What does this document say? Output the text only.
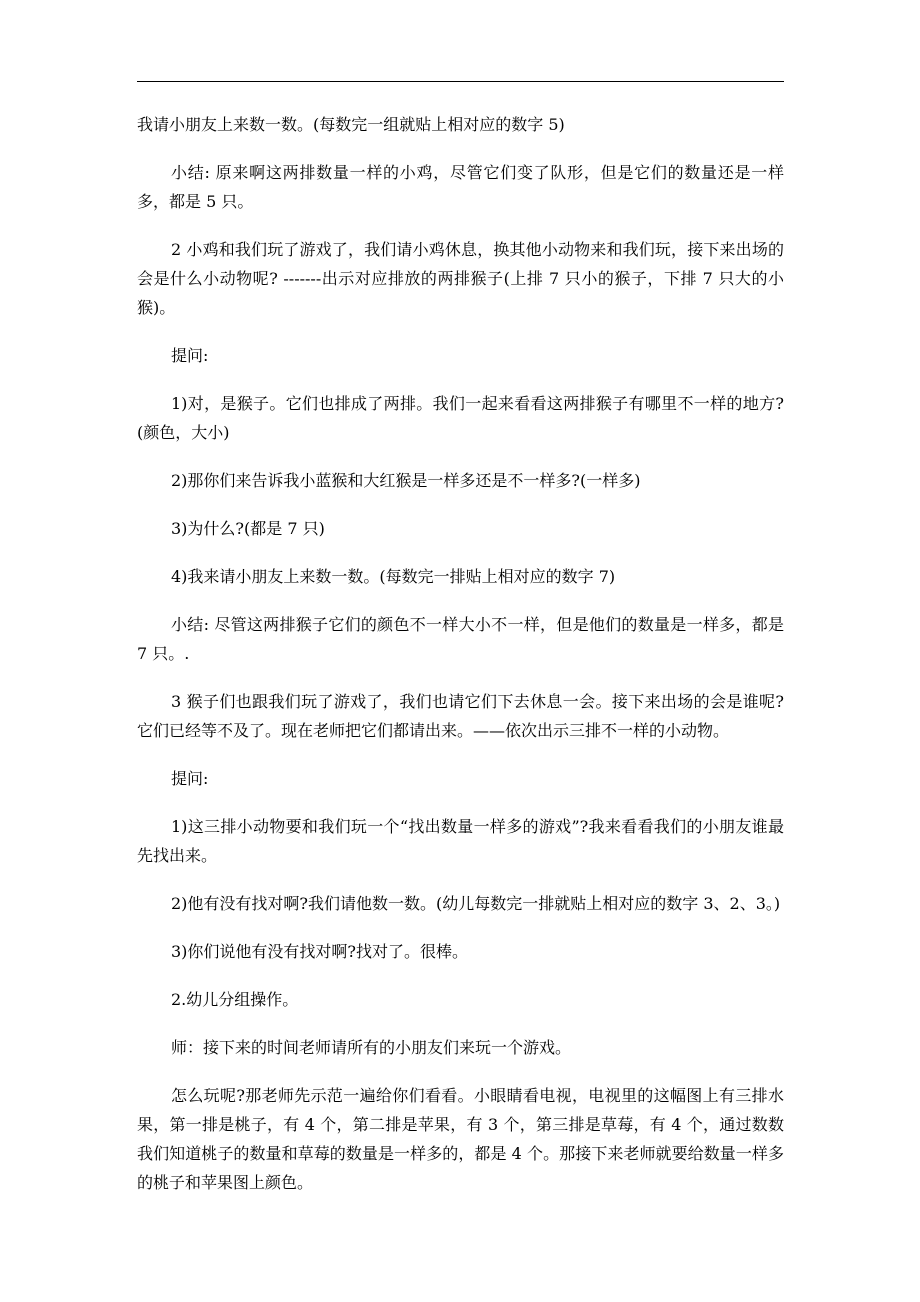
我请小朋友上来数一数。(每数完一组就贴上相对应的数字 5)

小结: 原来啊这两排数量一样的小鸡，尽管它们变了队形，但是它们的数量还是一样多，都是 5 只。

2 小鸡和我们玩了游戏了，我们请小鸡休息，换其他小动物来和我们玩，接下来出场的会是什么小动物呢? -------出示对应排放的两排猴子(上排 7 只小的猴子，下排 7 只大的小猴)。

提问:

1)对，是猴子。它们也排成了两排。我们一起来看看这两排猴子有哪里不一样的地方?(颜色，大小)

2)那你们来告诉我小蓝猴和大红猴是一样多还是不一样多?(一样多)

3)为什么?(都是 7 只)

4)我来请小朋友上来数一数。(每数完一排贴上相对应的数字 7)

小结: 尽管这两排猴子它们的颜色不一样大小不一样，但是他们的数量是一样多，都是 7 只。.

3 猴子们也跟我们玩了游戏了，我们也请它们下去休息一会。接下来出场的会是谁呢?它们已经等不及了。现在老师把它们都请出来。——依次出示三排不一样的小动物。

提问:

1)这三排小动物要和我们玩一个“找出数量一样多的游戏”?我来看看我们的小朋友谁最先找出来。

2)他有没有找对啊?我们请他数一数。(幼儿每数完一排就贴上相对应的数字 3、2、3。)

3)你们说他有没有找对啊?找对了。很棒。

2.幼儿分组操作。

师：接下来的时间老师请所有的小朋友们来玩一个游戏。

怎么玩呢?那老师先示范一遍给你们看看。小眼睛看电视，电视里的这幅图上有三排水果，第一排是桃子，有 4 个，第二排是苹果，有 3 个，第三排是草莓，有 4 个，通过数数我们知道桃子的数量和草莓的数量是一样多的，都是 4 个。那接下来老师就要给数量一样多的桃子和苹果图上颜色。
